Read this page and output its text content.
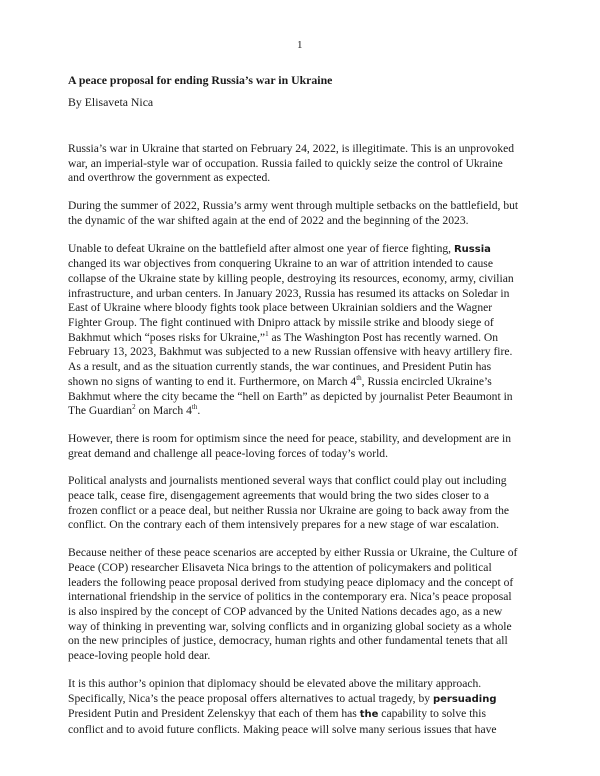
1
A peace proposal for ending Russia’s war in Ukraine
By Elisaveta Nica

Russia’s war in Ukraine that started on February 24, 2022, is illegitimate. This is an unprovoked
war, an imperial-style war of occupation. Russia failed to quickly seize the control of Ukraine
and overthrow the government as expected.

During the summer of 2022, Russia’s army went through multiple setbacks on the battlefield, but
the dynamic of the war shifted again at the end of 2022 and the beginning of the 2023.

Unable to defeat Ukraine on the battlefield after almost one year of fierce fighting, Russia
changed its war objectives from conquering Ukraine to an war of attrition intended to cause
collapse of the Ukraine state by killing people, destroying its resources, economy, army, civilian
infrastructure, and urban centers. In January 2023, Russia has resumed its attacks on Soledar in
East of Ukraine where bloody fights took place between Ukrainian soldiers and the Wagner
Fighter Group. The fight continued with Dnipro attack by missile strike and bloody siege of
Bakhmut which “poses risks for Ukraine,”$^1$ as The Washington Post has recently warned. On
February 13, 2023, Bakhmut was subjected to a new Russian offensive with heavy artillery fire.
As a result, and as the situation currently stands, the war continues, and President Putin has
shown no signs of wanting to end it. Furthermore, on March 4th, Russia encircled Ukraine’s
Bakhmut where the city became the “hell on Earth” as depicted by journalist Peter Beaumont in
The Guardian$^2$ on March 4th.

However, there is room for optimism since the need for peace, stability, and development are in
great demand and challenge all peace-loving forces of today’s world.

Political analysts and journalists mentioned several ways that conflict could play out including
peace talk, cease fire, disengagement agreements that would bring the two sides closer to a
frozen conflict or a peace deal, but neither Russia nor Ukraine are going to back away from the
conflict. On the contrary each of them intensively prepares for a new stage of war escalation.

Because neither of these peace scenarios are accepted by either Russia or Ukraine, the Culture of
Peace (COP) researcher Elisaveta Nica brings to the attention of policymakers and political
leaders the following peace proposal derived from studying peace diplomacy and the concept of
international friendship in the service of politics in the contemporary era. Nica’s peace proposal
is also inspired by the concept of COP advanced by the United Nations decades ago, as a new
way of thinking in preventing war, solving conflicts and in organizing global society as a whole
on the new principles of justice, democracy, human rights and other fundamental tenets that all
peace-loving people hold dear.

It is this author’s opinion that diplomacy should be elevated above the military approach.
Specifically, Nica’s the peace proposal offers alternatives to actual tragedy, by persuading
President Putin and President Zelenskyy that each of them has the capability to solve this
conflict and to avoid future conflicts. Making peace will solve many serious issues that have
